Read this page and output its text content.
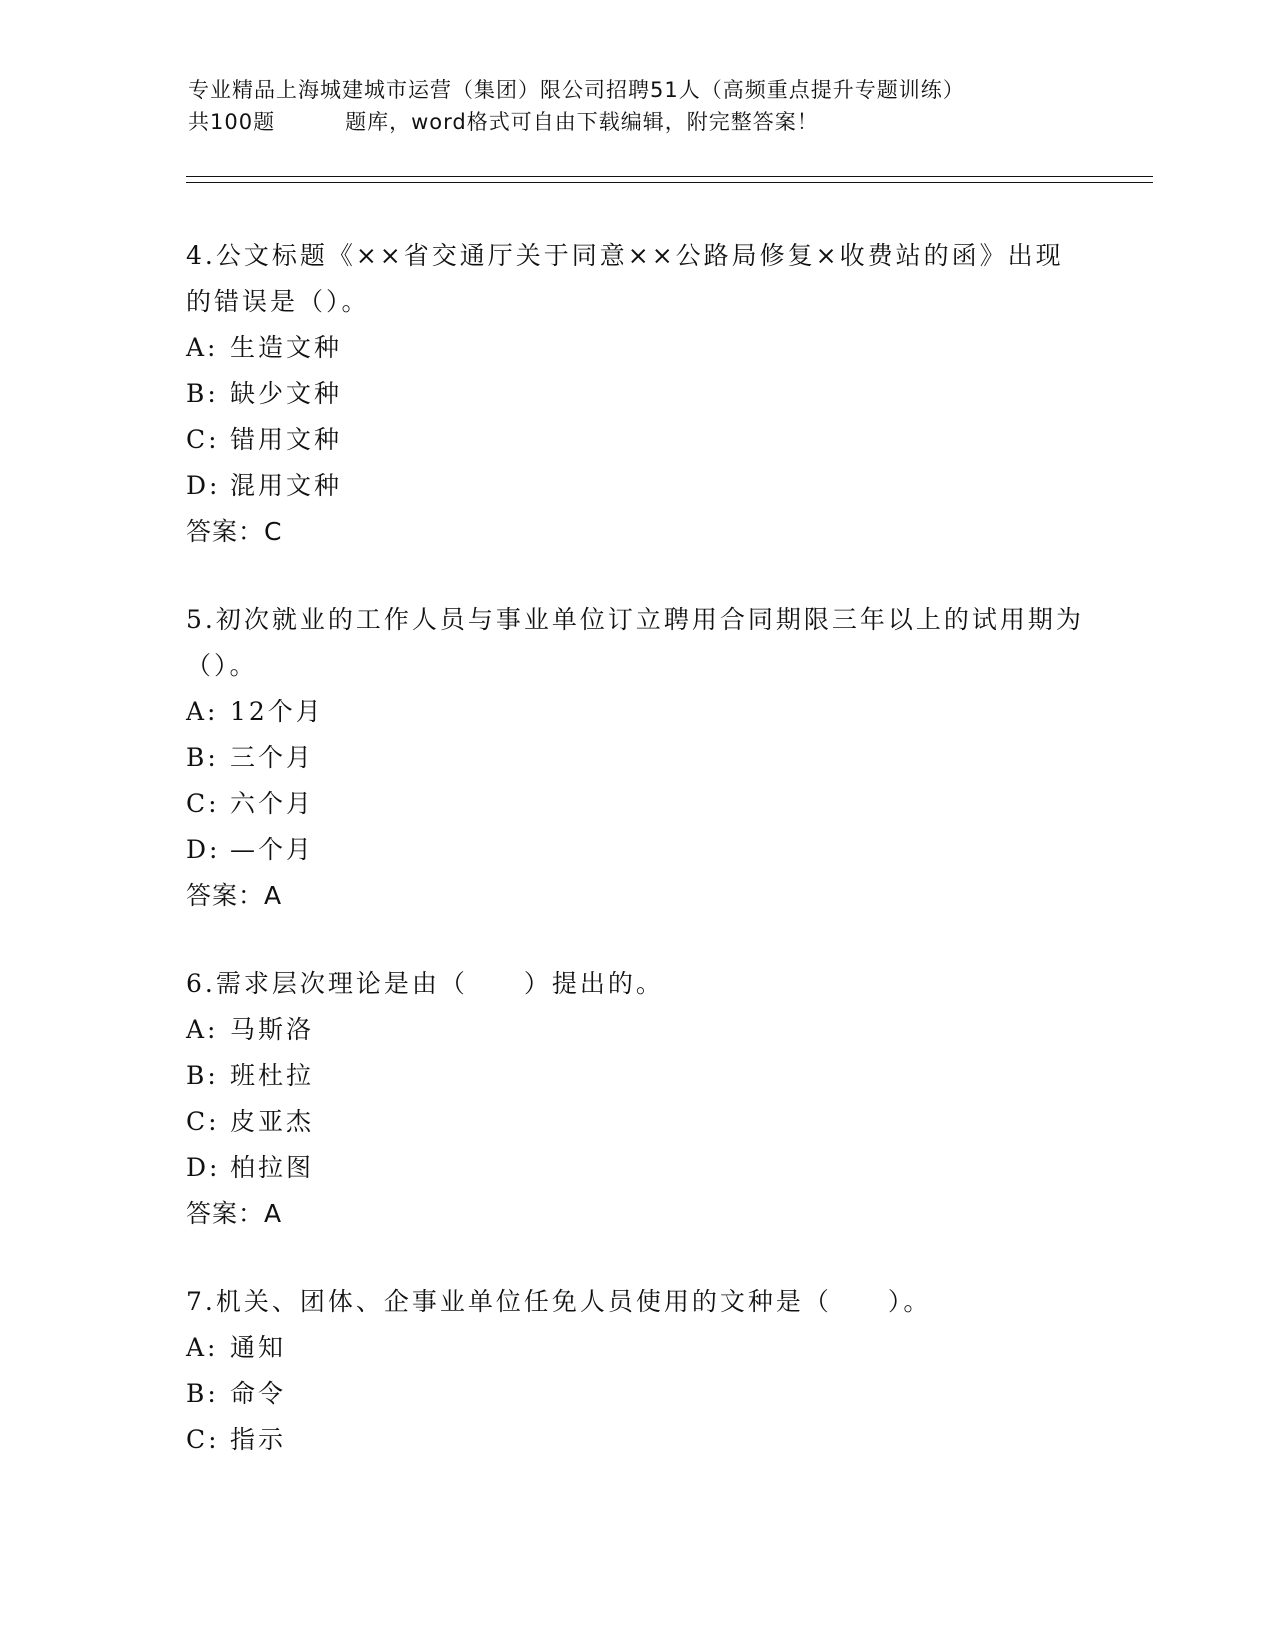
专业精品上海城建城市运营（集团）限公司招聘51人（高频重点提升专题训练）
共100题	题库，word格式可自由下载编辑，附完整答案！
4.公文标题《××省交通厅关于同意××公路局修复×收费站的函》出现的错误是（）。
A: 生造文种
B: 缺少文种
C: 错用文种
D: 混用文种
答案：C
5.初次就业的工作人员与事业单位订立聘用合同期限三年以上的试用期为（）。
A: 12个月
B: 三个月
C: 六个月
D: —个月
答案：A
6.需求层次理论是由（　　）提出的。
A: 马斯洛
B: 班杜拉
C: 皮亚杰
D: 柏拉图
答案：A
7.机关、团体、企事业单位任免人员使用的文种是（　　）。
A: 通知
B: 命令
C: 指示
